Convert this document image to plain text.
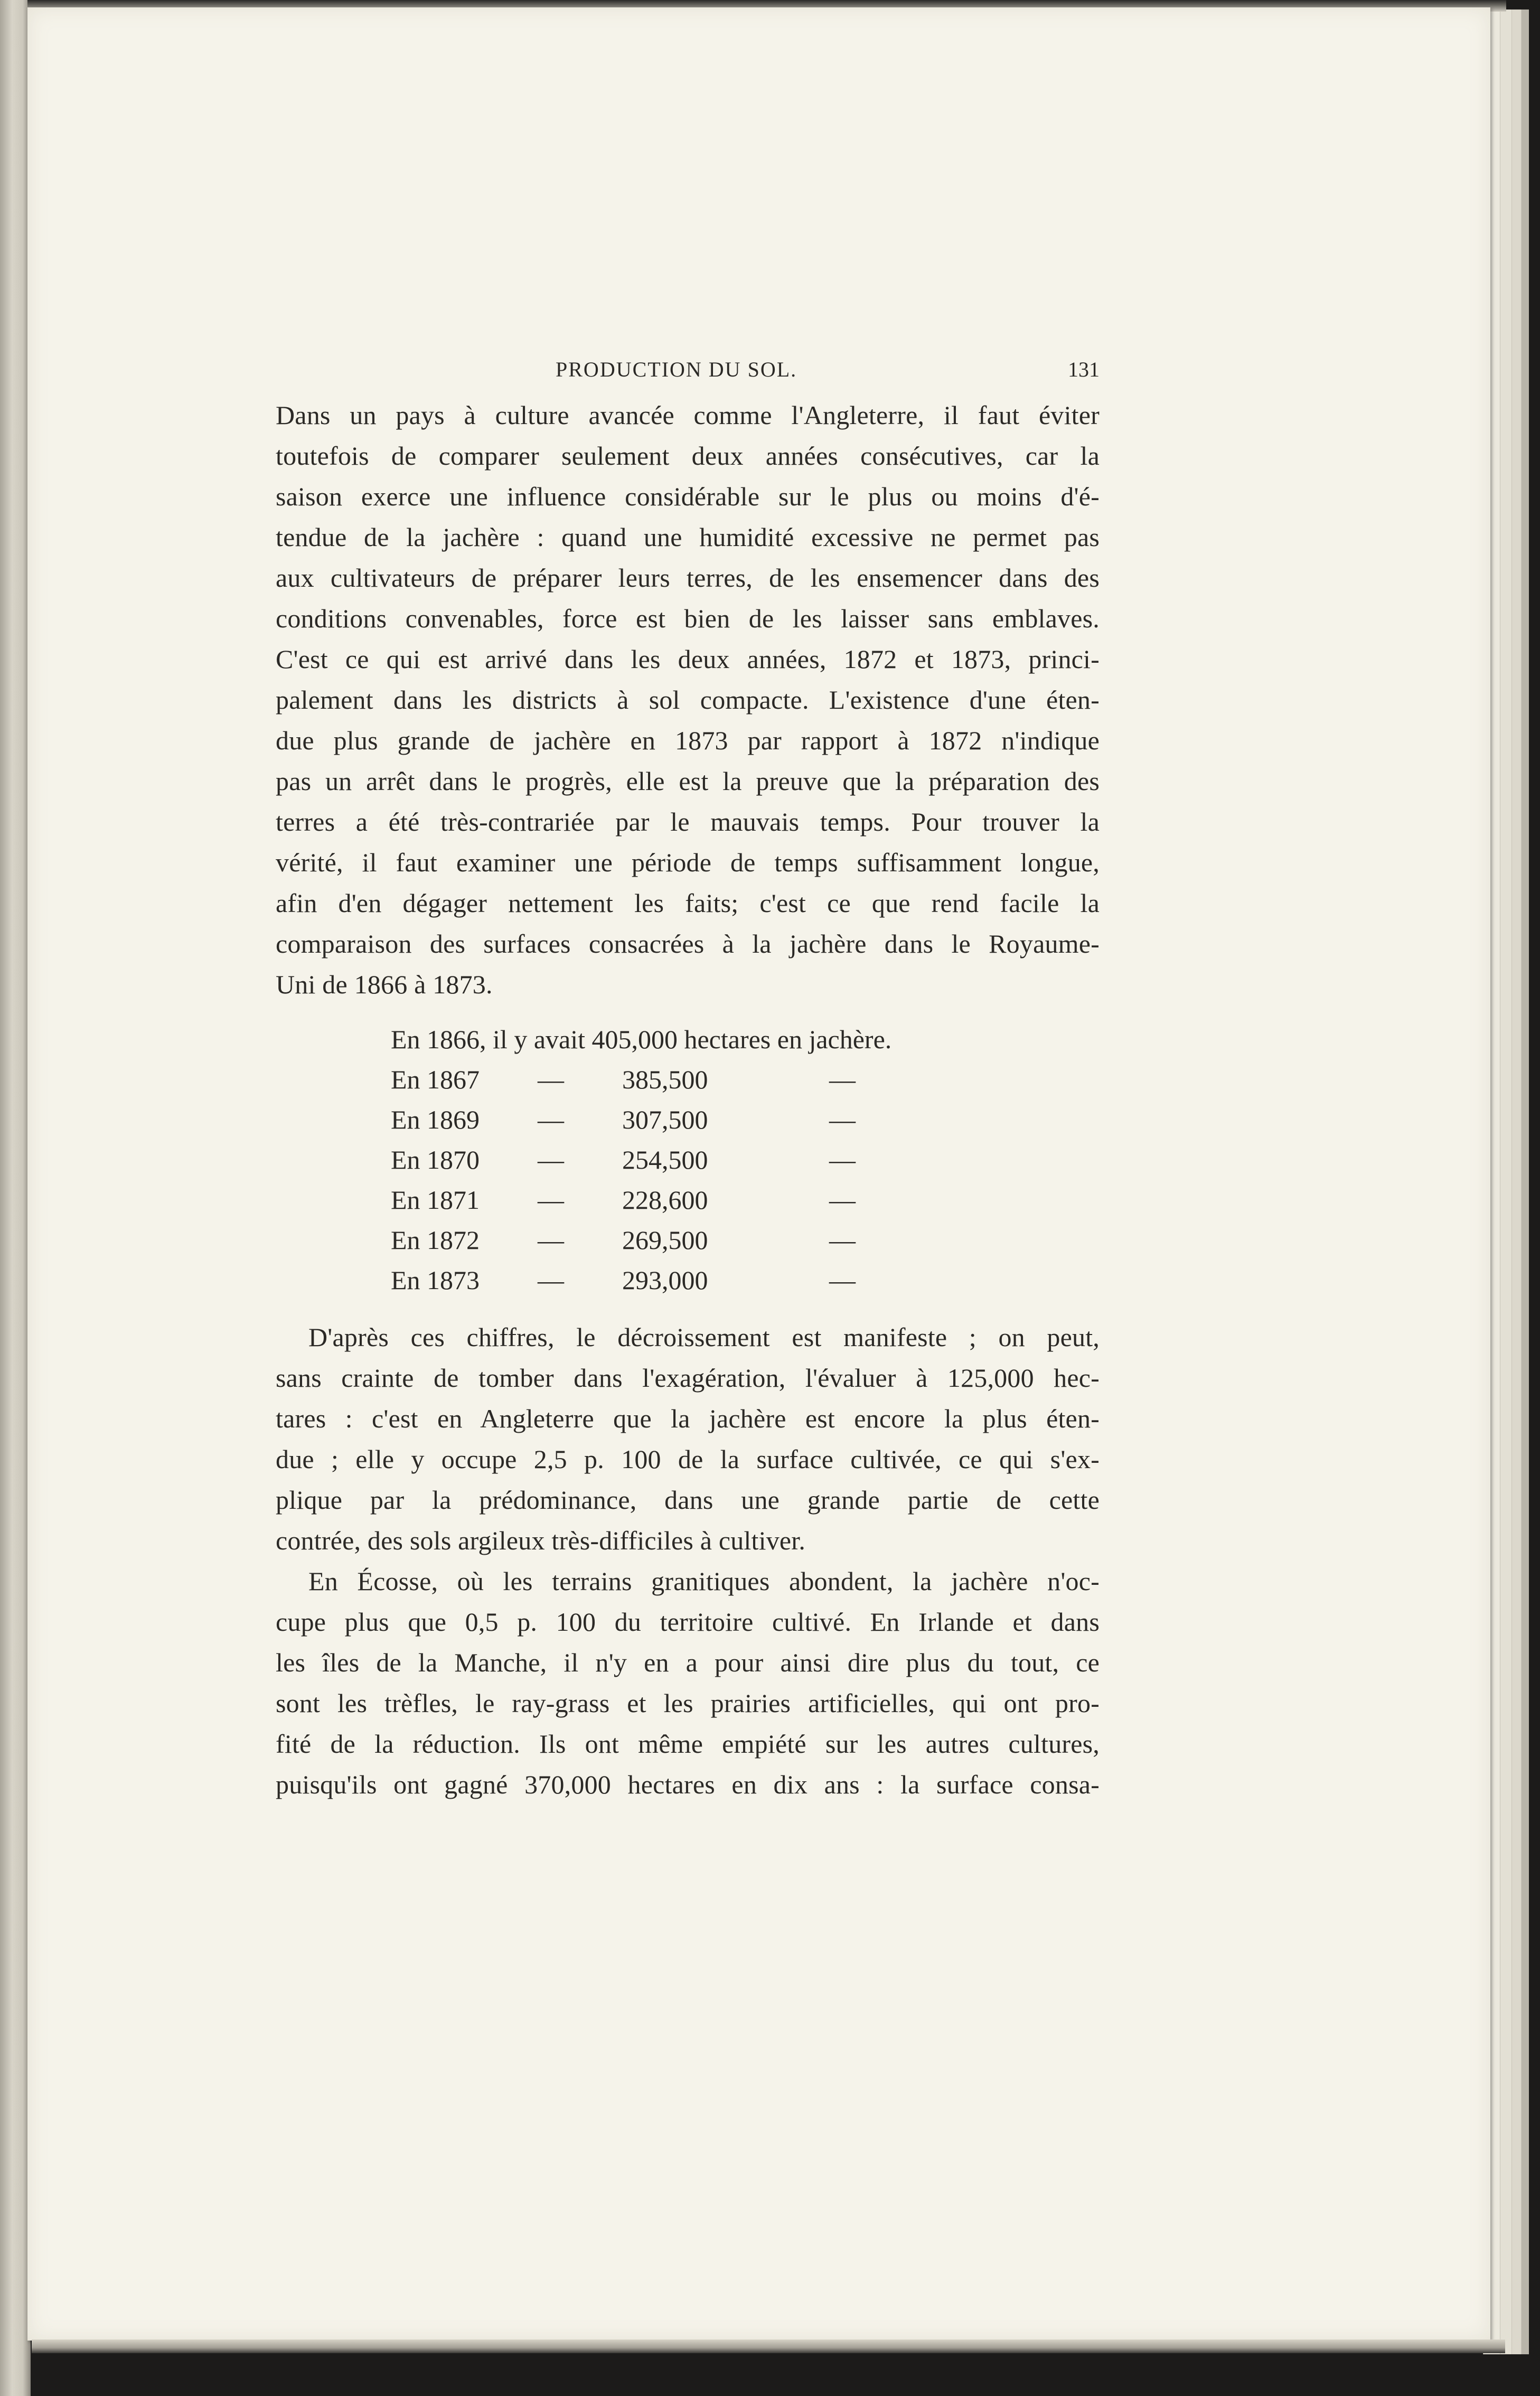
PRODUCTION DU SOL.	131
Dans un pays à culture avancée comme l'Angleterre, il faut éviter
toutefois de comparer seulement deux années consécutives, car la
saison exerce une influence considérable sur le plus ou moins d'é-
tendue de la jachère : quand une humidité excessive ne permet pas
aux cultivateurs de préparer leurs terres, de les ensemencer dans des
conditions convenables, force est bien de les laisser sans emblaves.
C'est ce qui est arrivé dans les deux années, 1872 et 1873, princi-
palement dans les districts à sol compacte. L'existence d'une éten-
due plus grande de jachère en 1873 par rapport à 1872 n'indique
pas un arrêt dans le progrès, elle est la preuve que la préparation des
terres a été très-contrariée par le mauvais temps. Pour trouver la
vérité, il faut examiner une période de temps suffisamment longue,
afin d'en dégager nettement les faits; c'est ce que rend facile la
comparaison des surfaces consacrées à la jachère dans le Royaume-
Uni de 1866 à 1873.
En 1866, il y avait 405,000 hectares en jachère.
En 1867 — 385,500	—
En 1869 — 307,500	—
En 1870 — 254,500	—
En 1871 — 228,600	—
En 1872 — 269,500	—
En 1873 — 293,000	—
D'après ces chiffres, le décroissement est manifeste ; on peut,
sans crainte de tomber dans l'exagération, l'évaluer à 125,000 hec-
tares : c'est en Angleterre que la jachère est encore la plus éten-
due ; elle y occupe 2,5 p. 100 de la surface cultivée, ce qui s'ex-
plique par la prédominance, dans une grande partie de cette
contrée, des sols argileux très-difficiles à cultiver.
En Écosse, où les terrains granitiques abondent, la jachère n'oc-
cupe plus que 0,5 p. 100 du territoire cultivé. En Irlande et dans
les îles de la Manche, il n'y en a pour ainsi dire plus du tout, ce
sont les trèfles, le ray-grass et les prairies artificielles, qui ont pro-
fité de la réduction. Ils ont même empiété sur les autres cultures,
puisqu'ils ont gagné 370,000 hectares en dix ans : la surface consa-
